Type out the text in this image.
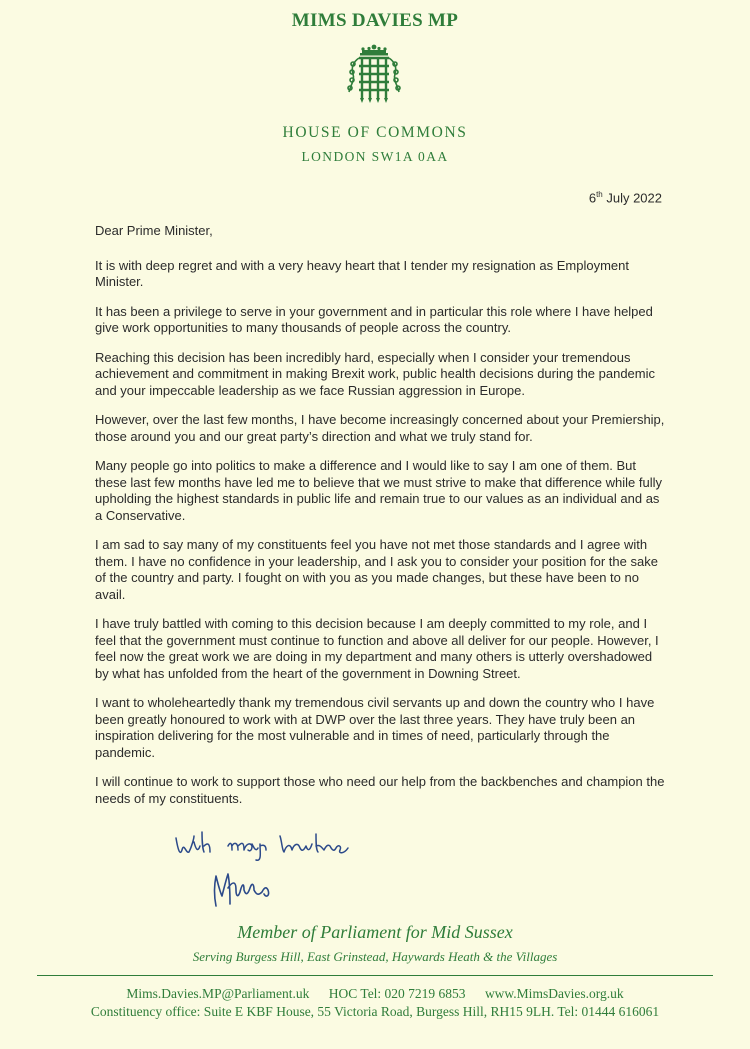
MIMS DAVIES MP
HOUSE OF COMMONS
LONDON SW1A 0AA
6th July 2022

Dear Prime Minister,

It is with deep regret and with a very heavy heart that I tender my resignation as Employment Minister.

It has been a privilege to serve in your government and in particular this role where I have helped give work opportunities to many thousands of people across the country.

Reaching this decision has been incredibly hard, especially when I consider your tremendous achievement and commitment in making Brexit work, public health decisions during the pandemic and your impeccable leadership as we face Russian aggression in Europe.

However, over the last few months, I have become increasingly concerned about your Premiership, those around you and our great party’s direction and what we truly stand for.

Many people go into politics to make a difference and I would like to say I am one of them. But these last few months have led me to believe that we must strive to make that difference while fully upholding the highest standards in public life and remain true to our values as an individual and as a Conservative.

I am sad to say many of my constituents feel you have not met those standards and I agree with them. I have no confidence in your leadership, and I ask you to consider your position for the sake of the country and party. I fought on with you as you made changes, but these have been to no avail.

I have truly battled with coming to this decision because I am deeply committed to my role, and I feel that the government must continue to function and above all deliver for our people. However, I feel now the great work we are doing in my department and many others is utterly overshadowed by what has unfolded from the heart of the government in Downing Street.

I want to wholeheartedly thank my tremendous civil servants up and down the country who I have been greatly honoured to work with at DWP over the last three years. They have truly been an inspiration delivering for the most vulnerable and in times of need, particularly through the pandemic.

I will continue to work to support those who need our help from the backbenches and champion the needs of my constituents.

Member of Parliament for Mid Sussex
Serving Burgess Hill, East Grinstead, Haywards Heath & the Villages
Mims.Davies.MP@Parliament.uk HOC Tel: 020 7219 6853 www.MimsDavies.org.uk
Constituency office: Suite E KBF House, 55 Victoria Road, Burgess Hill, RH15 9LH. Tel: 01444 616061
